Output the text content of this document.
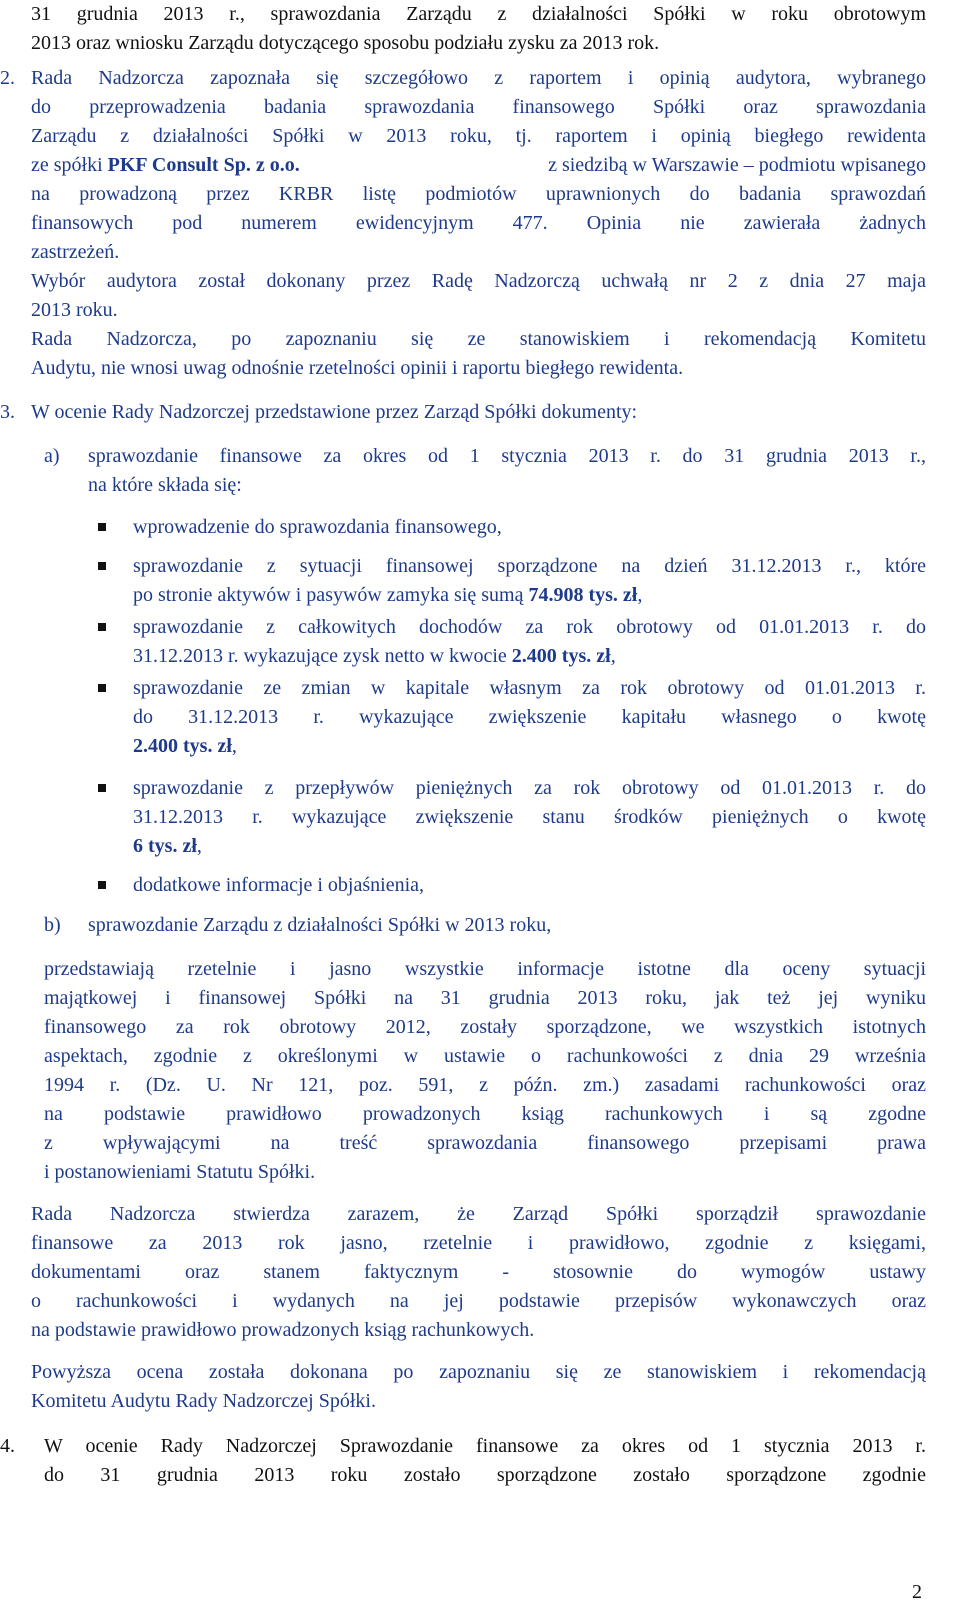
31 grudnia 2013 r., sprawozdania Zarządu z działalności Spółki w roku obrotowym
2013 oraz wniosku Zarządu dotyczącego sposobu podziału zysku za 2013 rok.
2. Rada Nadzorcza zapoznała się szczegółowo z raportem i opinią audytora, wybranego
do przeprowadzenia badania sprawozdania finansowego Spółki oraz sprawozdania
Zarządu z działalności Spółki w 2013 roku, tj. raportem i opinią biegłego rewidenta
ze spółki PKF Consult Sp. z o.o.	z siedzibą w Warszawie – podmiotu wpisanego
na prowadzoną przez KRBR listę podmiotów uprawnionych do badania sprawozdań
finansowych pod numerem ewidencyjnym 477. Opinia nie zawierała żadnych
zastrzeżeń.
Wybór audytora został dokonany przez Radę Nadzorczą uchwałą nr 2 z dnia 27 maja
2013 roku.
Rada Nadzorcza, po zapoznaniu się ze stanowiskiem i rekomendacją Komitetu
Audytu, nie wnosi uwag odnośnie rzetelności opinii i raportu biegłego rewidenta.
3. W ocenie Rady Nadzorczej przedstawione przez Zarząd Spółki dokumenty:
a) sprawozdanie finansowe za okres od 1 stycznia 2013 r. do 31 grudnia 2013 r.,
na które składa się:
wprowadzenie do sprawozdania finansowego,
sprawozdanie z sytuacji finansowej sporządzone na dzień 31.12.2013 r., które
po stronie aktywów i pasywów zamyka się sumą 74.908 tys. zł,
sprawozdanie z całkowitych dochodów za rok obrotowy od 01.01.2013 r. do
31.12.2013 r. wykazujące zysk netto w kwocie 2.400 tys. zł,
sprawozdanie ze zmian w kapitale własnym za rok obrotowy od 01.01.2013 r.
do 31.12.2013 r. wykazujące zwiększenie kapitału własnego o kwotę
2.400 tys. zł,
sprawozdanie z przepływów pieniężnych za rok obrotowy od 01.01.2013 r. do
31.12.2013 r. wykazujące zwiększenie stanu środków pieniężnych o kwotę
6 tys. zł,
dodatkowe informacje i objaśnienia,
b) sprawozdanie Zarządu z działalności Spółki w 2013 roku,
przedstawiają rzetelnie i jasno wszystkie informacje istotne dla oceny sytuacji
majątkowej i finansowej Spółki na 31 grudnia 2013 roku, jak też jej wyniku
finansowego za rok obrotowy 2012, zostały sporządzone, we wszystkich istotnych
aspektach, zgodnie z określonymi w ustawie o rachunkowości z dnia 29 września
1994 r. (Dz. U. Nr 121, poz. 591, z późn. zm.) zasadami rachunkowości oraz
na podstawie prawidłowo prowadzonych ksiąg rachunkowych i są zgodne
z wpływającymi na treść sprawozdania finansowego przepisami prawa
i postanowieniami Statutu Spółki.
Rada Nadzorcza stwierdza zarazem, że Zarząd Spółki sporządził sprawozdanie
finansowe za 2013 rok jasno, rzetelnie i prawidłowo, zgodnie z księgami,
dokumentami oraz stanem faktycznym - stosownie do wymogów ustawy
o rachunkowości i wydanych na jej podstawie przepisów wykonawczych oraz
na podstawie prawidłowo prowadzonych ksiąg rachunkowych.
Powyższa ocena została dokonana po zapoznaniu się ze stanowiskiem i rekomendacją
Komitetu Audytu Rady Nadzorczej Spółki.
4. W ocenie Rady Nadzorczej Sprawozdanie finansowe za okres od 1 stycznia 2013 r.
do 31 grudnia 2013 roku zostało sporządzone zostało sporządzone zgodnie
2
